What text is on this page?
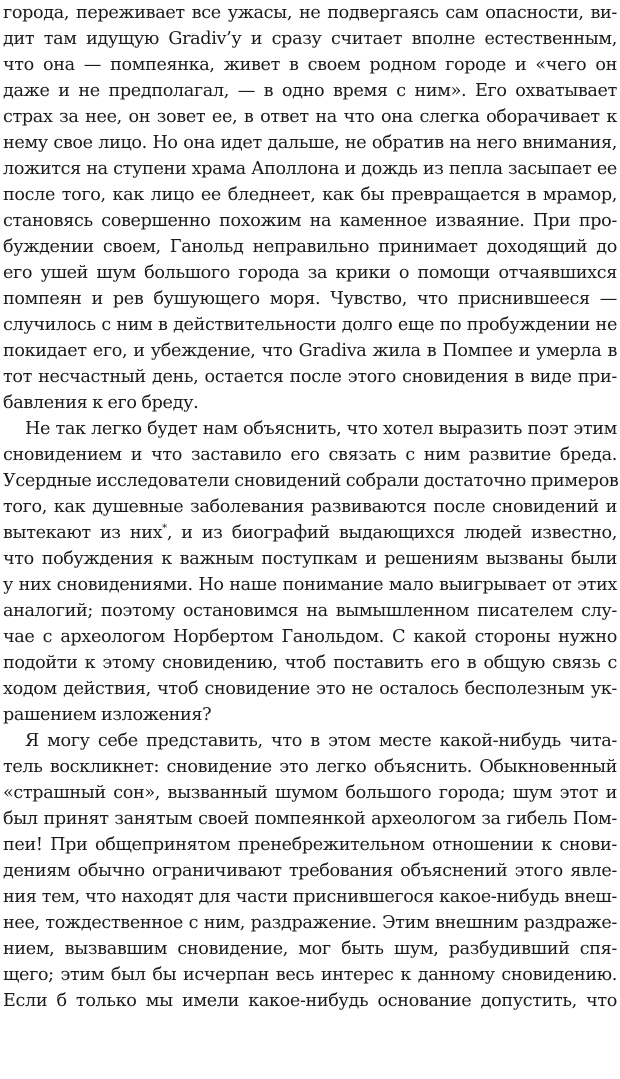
города, переживает все ужасы, не подвергаясь сам опасности, ви-
дит там идущую Gradiv’у и сразу считает вполне естественным,
что она — помпеянка, живет в своем родном городе и «чего он
даже и не предполагал, — в одно время с ним». Его охватывает
страх за нее, он зовет ее, в ответ на что она слегка оборачивает к
нему свое лицо. Но она идет дальше, не обратив на него внимания,
ложится на ступени храма Аполлона и дождь из пепла засыпает ее
после того, как лицо ее бледнеет, как бы превращается в мрамор,
становясь совершенно похожим на каменное изваяние. При про-
буждении своем, Ганольд неправильно принимает доходящий до
его ушей шум большого города за крики о помощи отчаявшихся
помпеян и рев бушующего моря. Чувство, что приснившееся —
случилось с ним в действительности долго еще по пробуждении не
покидает его, и убеждение, что Gradiva жила в Помпее и умерла в
тот несчастный день, остается после этого сновидения в виде при-
бавления к его бреду.
Не так легко будет нам объяснить, что хотел выразить поэт этим
сновидением и что заставило его связать с ним развитие бреда.
Усердные исследователи сновидений собрали достаточно примеров
того, как душевные заболевания развиваются после сновидений и
вытекают из них*, и из биографий выдающихся людей известно,
что побуждения к важным поступкам и решениям вызваны были
у них сновидениями. Но наше понимание мало выигрывает от этих
аналогий; поэтому остановимся на вымышленном писателем слу-
чае с археологом Норбертом Ганольдом. С какой стороны нужно
подойти к этому сновидению, чтоб поставить его в общую связь с
ходом действия, чтоб сновидение это не осталось бесполезным ук-
рашением изложения?
Я могу себе представить, что в этом месте какой-нибудь чита-
тель воскликнет: сновидение это легко объяснить. Обыкновенный
«страшный сон», вызванный шумом большого города; шум этот и
был принят занятым своей помпеянкой археологом за гибель Пом-
пеи! При общепринятом пренебрежительном отношении к снови-
дениям обычно ограничивают требования объяснений этого явле-
ния тем, что находят для части приснившегося какое-нибудь внеш-
нее, тождественное с ним, раздражение. Этим внешним раздраже-
нием, вызвавшим сновидение, мог быть шум, разбудивший спя-
щего; этим был бы исчерпан весь интерес к данному сновидению.
Если б только мы имели какое-нибудь основание допустить, что
